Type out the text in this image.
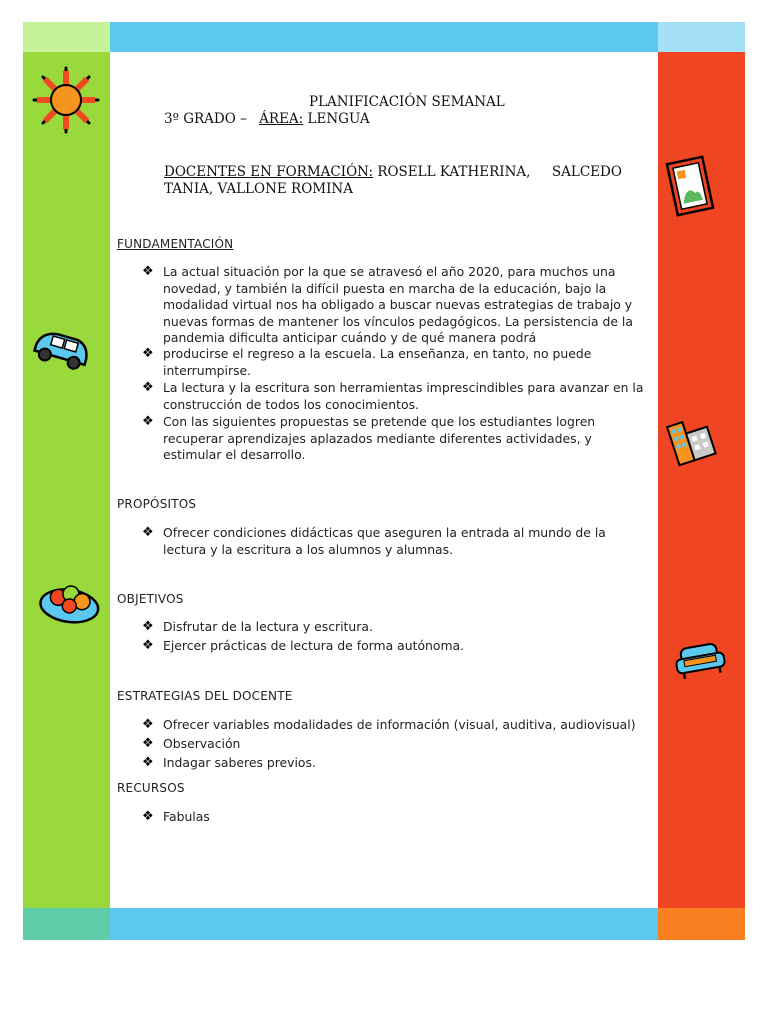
PLANIFICACIÓN SEMANAL
3º GRADO – ÁREA: LENGUA
DOCENTES EN FORMACIÓN: ROSELL KATHERINA,     SALCEDO
TANIA, VALLONE ROMINA
FUNDAMENTACIÓN
❖ La actual situación por la que se atravesó el año 2020, para muchos una novedad, y también la difícil puesta en marcha de la educación, bajo la modalidad virtual nos ha obligado a buscar nuevas estrategias de trabajo y nuevas formas de mantener los vínculos pedagógicos. La persistencia de la pandemia dificulta anticipar cuándo y de qué manera podrá
❖ producirse el regreso a la escuela. La enseñanza, en tanto, no puede interrumpirse.
❖ La lectura y la escritura son herramientas imprescindibles para avanzar en la construcción de todos los conocimientos.
❖ Con las siguientes propuestas se pretende que los estudiantes logren recuperar aprendizajes aplazados mediante diferentes actividades, y estimular el desarrollo.
PROPÓSITOS
❖ Ofrecer condiciones didácticas que aseguren la entrada al mundo de la lectura y la escritura a los alumnos y alumnas.
OBJETIVOS
❖ Disfrutar de la lectura y escritura.
❖ Ejercer prácticas de lectura de forma autónoma.
ESTRATEGIAS DEL DOCENTE
❖ Ofrecer variables modalidades de información (visual, auditiva, audiovisual)
❖ Observación
❖ Indagar saberes previos.
RECURSOS
❖ Fabulas
